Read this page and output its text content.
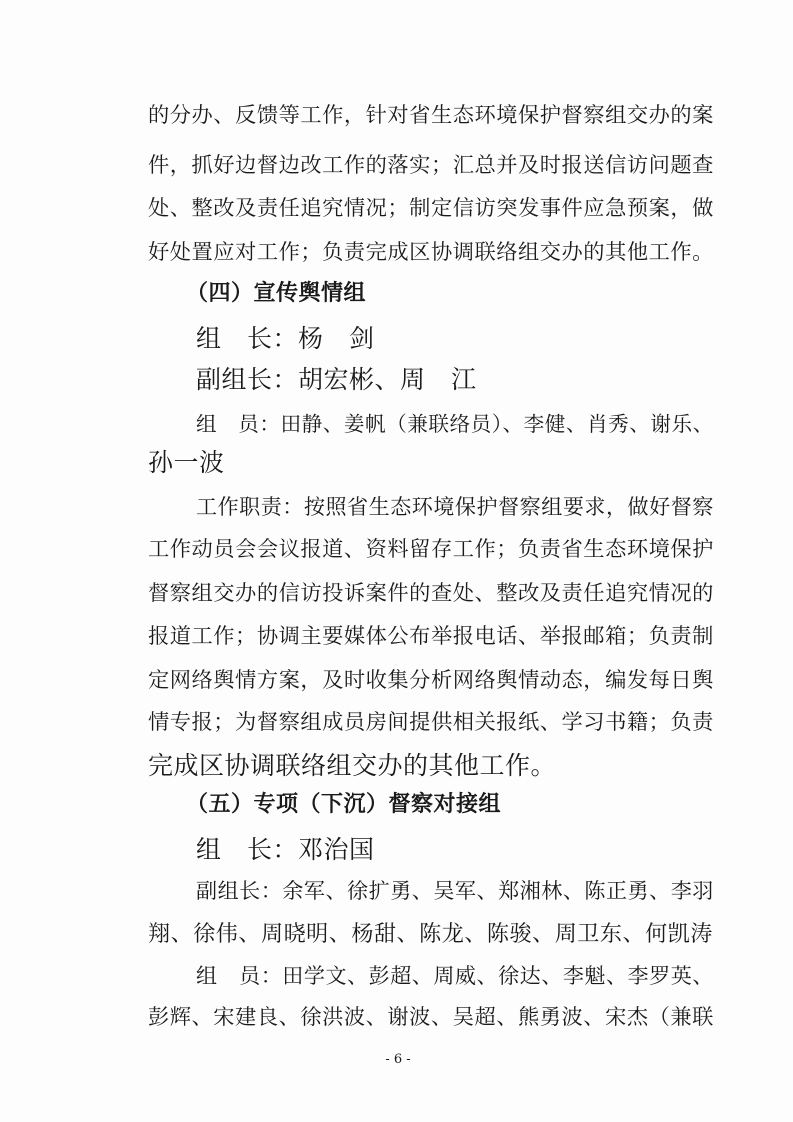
的分办、反馈等工作，针对省生态环境保护督察组交办的案
件，抓好边督边改工作的落实；汇总并及时报送信访问题查
处、整改及责任追究情况；制定信访突发事件应急预案，做
好处置应对工作；负责完成区协调联络组交办的其他工作。
（四）宣传舆情组
组　长：杨　剑
副组长：胡宏彬、周　江
组　员：田静、姜帆（兼联络员）、李健、肖秀、谢乐、
孙一波
工作职责：按照省生态环境保护督察组要求，做好督察
工作动员会会议报道、资料留存工作；负责省生态环境保护
督察组交办的信访投诉案件的查处、整改及责任追究情况的
报道工作；协调主要媒体公布举报电话、举报邮箱；负责制
定网络舆情方案，及时收集分析网络舆情动态，编发每日舆
情专报；为督察组成员房间提供相关报纸、学习书籍；负责
完成区协调联络组交办的其他工作。
（五）专项（下沉）督察对接组
组　长：邓治国
副组长：余军、徐扩勇、吴军、郑湘林、陈正勇、李羽
翔、徐伟、周晓明、杨甜、陈龙、陈骏、周卫东、何凯涛
组　员：田学文、彭超、周威、徐达、李魁、李罗英、
彭辉、宋建良、徐洪波、谢波、吴超、熊勇波、宋杰（兼联
- 6 -
